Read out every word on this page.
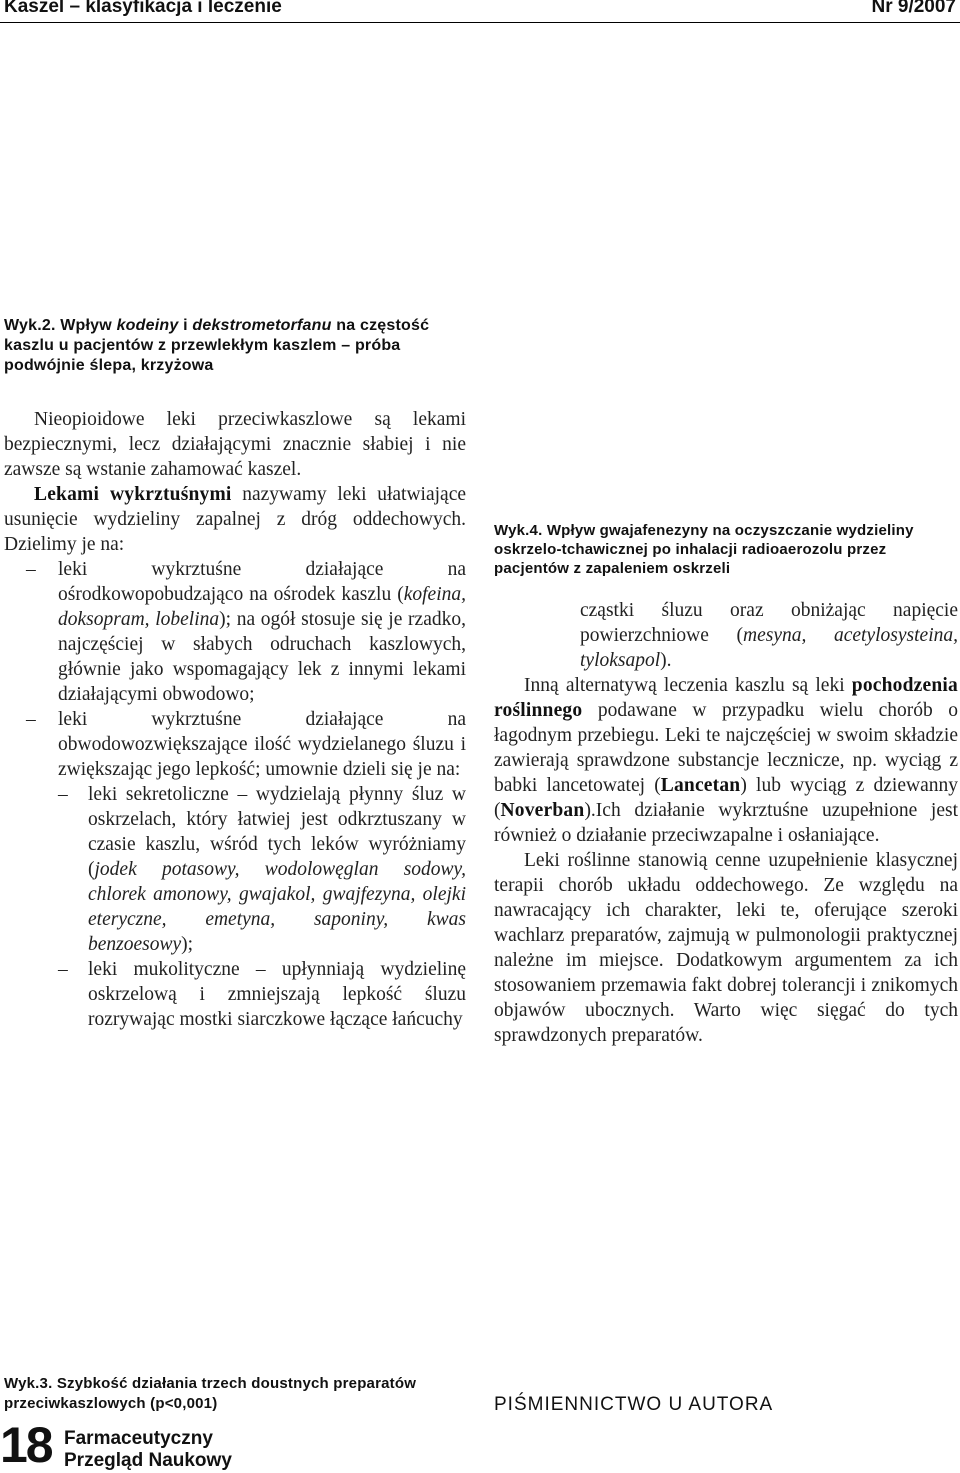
Kaszel – klasyfikacja i leczenie	Nr 9/2007
Wyk.2. Wpływ kodeiny i dekstrometorfanu na częstość kaszlu u pacjentów z przewlekłym kaszlem – próba podwójnie ślepa, krzyżowa

Nieopioidowe leki przeciwkaszlowe są lekami bezpiecznymi, lecz działającymi znacznie słabiej i nie zawsze są wstanie zahamować kaszel.

Lekami wykrztuśnymi nazywamy leki ułatwiające usunięcie wydzieliny zapalnej z dróg oddechowych. Dzielimy je na:

– leki wykrztuśne działające na ośrodkowopobudzająco na ośrodek kaszlu (kofeina, doksopram, lobelina); na ogół stosuje się je rzadko, najczęściej w słabych odruchach kaszlowych, głównie jako wspomagający lek z innymi lekami działającymi obwodowo;
– leki wykrztuśne działające na obwodowozwiększające ilość wydzielanego śluzu i zwiększając jego lepkość; umownie dzieli się je na:
– leki sekretoliczne – wydzielają płynny śluz w oskrzelach, który łatwiej jest odkrztuszany w czasie kaszlu, wśród tych leków wyróżniamy (jodek potasowy, wodolowęglan sodowy, chlorek amonowy, gwajakol, gwajfezyna, olejki eteryczne, emetyna, saponiny, kwas benzoesowy);
– leki mukolityczne – upłynniają wydzielinę oskrzelową i zmniejszają lepkość śluzu rozrywając mostki siarczkowe łączące łańcuchy
Wyk.4. Wpływ gwajafenezyny na oczyszczanie wydzieliny oskrzelo-tchawicznej po inhalacji radioaerozolu przez pacjentów z zapaleniem oskrzeli

cząstki śluzu oraz obniżając napięcie powierzchniowe (mesyna, acetylosysteina, tyloksapol).

Inną alternatywą leczenia kaszlu są leki pochodzenia roślinnego podawane w przypadku wielu chorób o łagodnym przebiegu. Leki te najczęściej w swoim składzie zawierają sprawdzone substancje lecznicze, np. wyciąg z babki lancetowatej (Lancetan) lub wyciąg z dziewanny (Noverban).Ich działanie wykrztuśne uzupełnione jest również o działanie przeciwzapalne i osłaniające.

Leki roślinne stanowią cenne uzupełnienie klasycznej terapii chorób układu oddechowego. Ze względu na nawracający ich charakter, leki te, oferujące szeroki wachlarz preparatów, zajmują w pulmonologii praktycznej należne im miejsce. Dodatkowym argumentem za ich stosowaniem przemawia fakt dobrej tolerancji i znikomych objawów ubocznych. Warto więc sięgać do tych sprawdzonych preparatów.

Wyk.3. Szybkość działania trzech doustnych preparatów przeciwkaszlowych (p<0,001)	PIŚMIENNICTWO U AUTORA
18 Farmaceutyczny
Przegląd Naukowy
